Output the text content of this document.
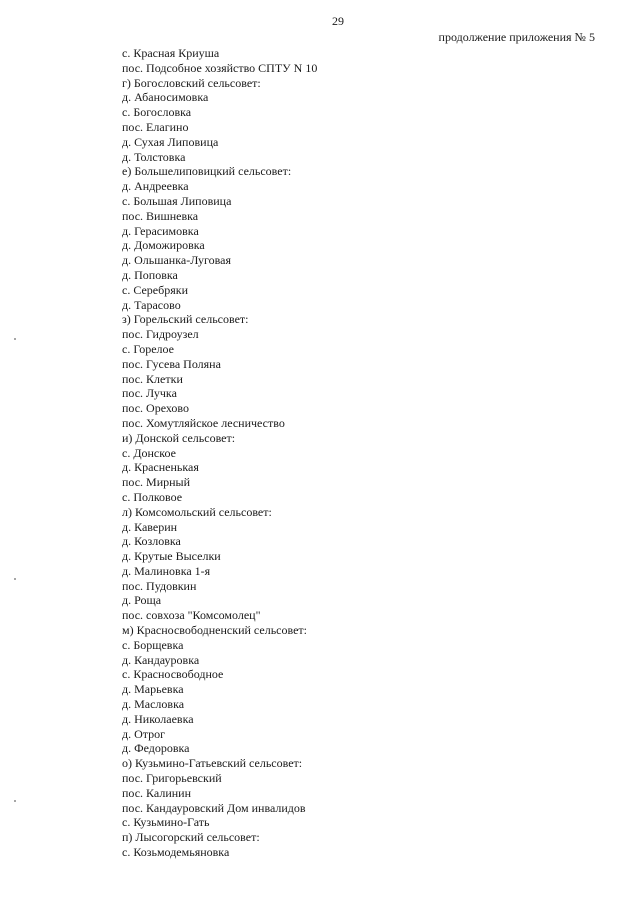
29
продолжение приложения № 5
с. Красная Криуша
пос. Подсобное хозяйство СПТУ N 10
г) Богословский сельсовет:
д. Абаносимовка
с. Богословка
пос. Елагино
д. Сухая Липовица
д. Толстовка
е) Большелиповицкий сельсовет:
д. Андреевка
с. Большая Липовица
пос. Вишневка
д. Герасимовка
д. Доможировка
д. Ольшанка-Луговая
д. Поповка
с. Серебряки
д. Тарасово
з) Горельский сельсовет:
пос. Гидроузел
с. Горелое
пос. Гусева Поляна
пос. Клетки
пос. Лучка
пос. Орехово
пос. Хомутляйское лесничество
и) Донской сельсовет:
с. Донское
д. Красненькая
пос. Мирный
с. Полковое
л) Комсомольский сельсовет:
д. Каверин
д. Козловка
д. Крутые Выселки
д. Малиновка 1-я
пос. Пудовкин
д. Роща
пос. совхоза "Комсомолец"
м) Красносвободненский сельсовет:
с. Борщевка
д. Кандауровка
с. Красносвободное
д. Марьевка
д. Масловка
д. Николаевка
д. Отрог
д. Федоровка
о) Кузьмино-Гатьевский сельсовет:
пос. Григорьевский
пос. Калинин
пос. Кандауровский Дом инвалидов
с. Кузьмино-Гать
п) Лысогорский сельсовет:
с. Козьмодемьяновка
